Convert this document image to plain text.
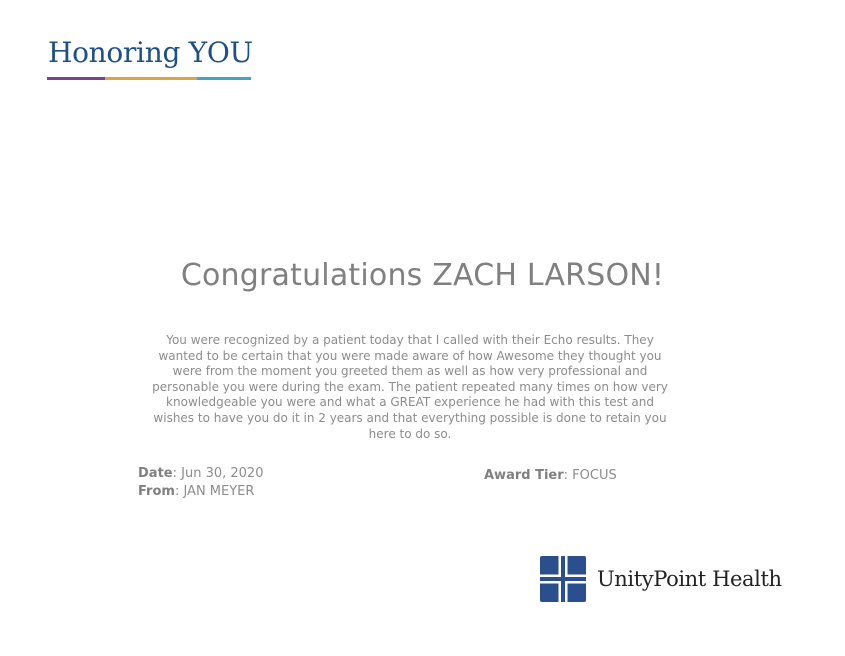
Honoring YOU
Congratulations ZACH LARSON!
You were recognized by a patient today that I called with their Echo results. They wanted to be certain that you were made aware of how Awesome they thought you were from the moment you greeted them as well as how very professional and personable you were during the exam. The patient repeated many times on how very knowledgeable you were and what a GREAT experience he had with this test and wishes to have you do it in 2 years and that everything possible is done to retain you here to do so.
Date: Jun 30, 2020
From: JAN MEYER
Award Tier: FOCUS
UnityPoint Health
